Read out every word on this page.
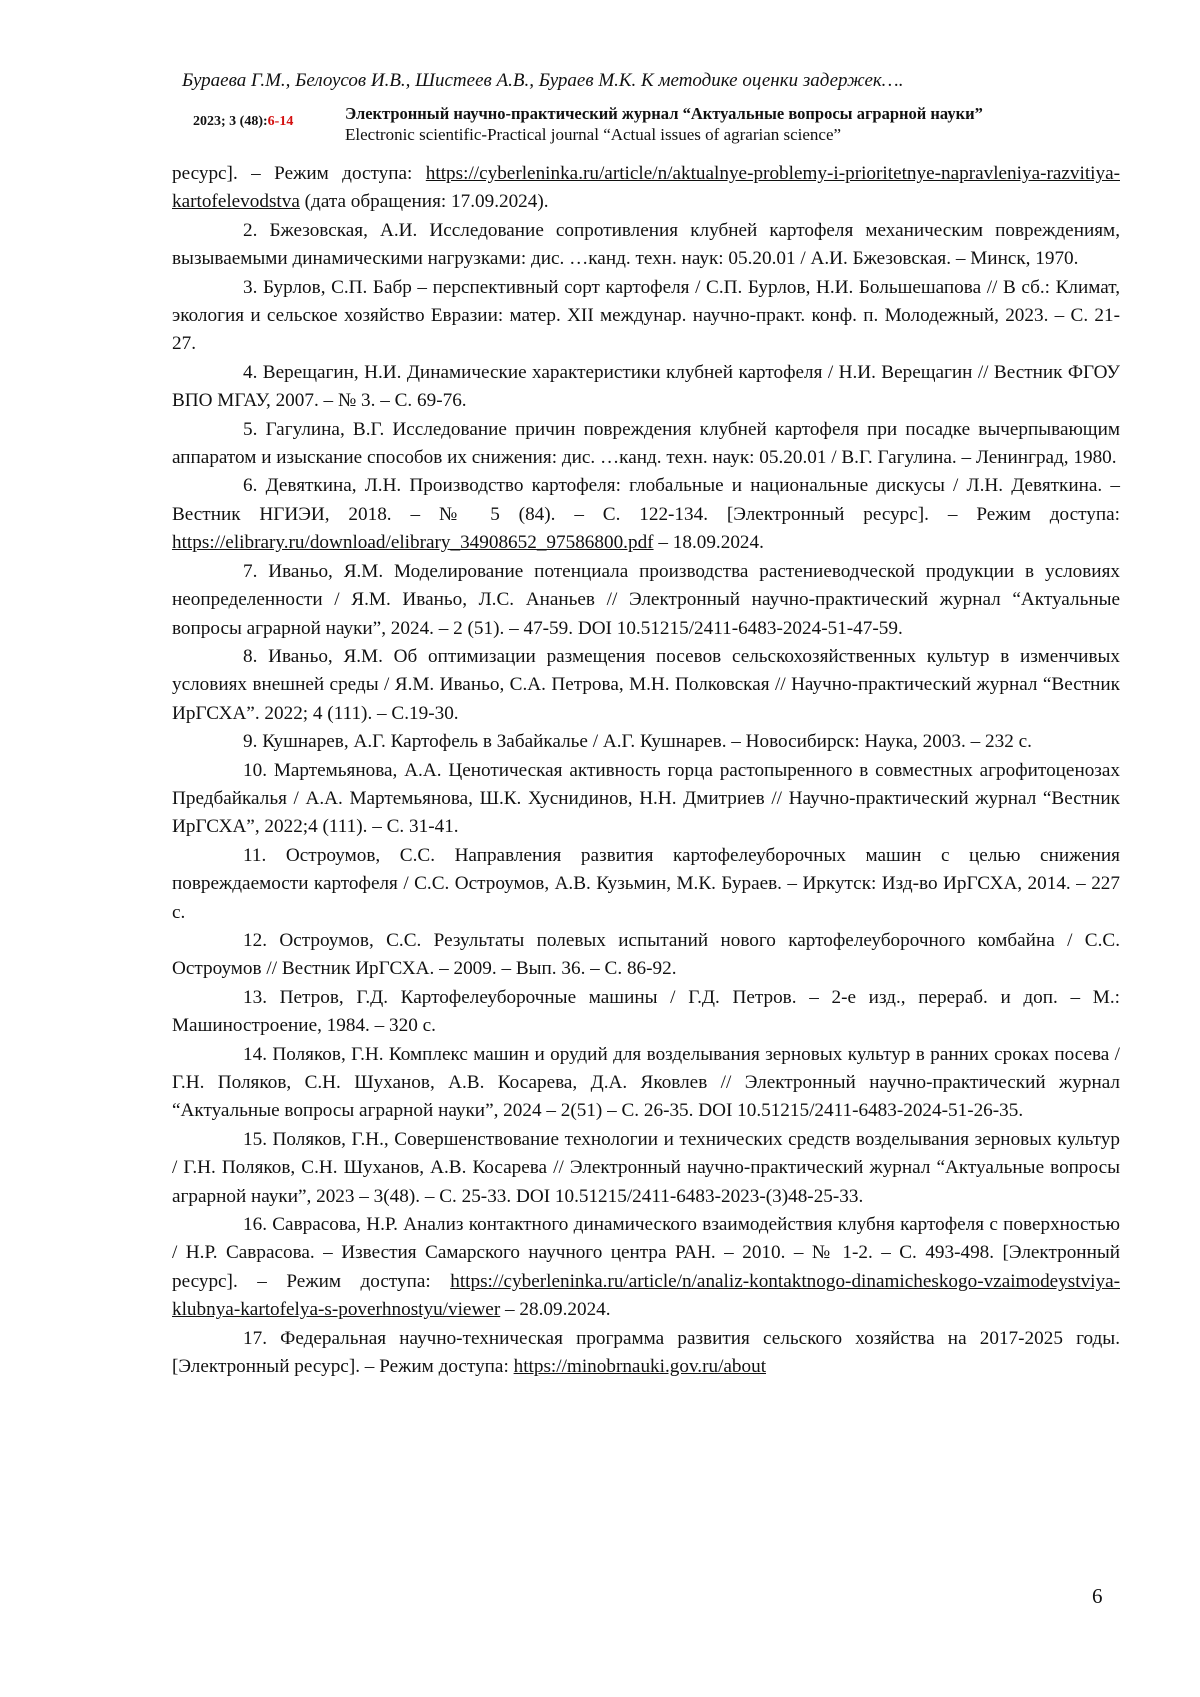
Бураева Г.М., Белоусов И.В., Шистеев А.В., Бураев М.К. К методике оценки задержек….
2023; 3 (48):6-14	Электронный научно-практический журнал “Актуальные вопросы аграрной науки”
Electronic scientific-Practical journal “Actual issues of agrarian science”

ресурс]. – Режим доступа: https://cyberleninka.ru/article/n/aktualnye-problemy-i-prioritetnye-napravleniya-razvitiya-kartofelevodstva (дата обращения: 17.09.2024).

2. Бжезовская, А.И. Исследование сопротивления клубней картофеля механическим повреждениям, вызываемыми динамическими нагрузками: дис. …канд. техн. наук: 05.20.01 / А.И. Бжезовская. – Минск, 1970.

3. Бурлов, С.П. Бабр – перспективный сорт картофеля / С.П. Бурлов, Н.И. Большешапова // В сб.: Климат, экология и сельское хозяйство Евразии: матер. XII междунар. научно-практ. конф. п. Молодежный, 2023. – С. 21-27.

4. Верещагин, Н.И. Динамические характеристики клубней картофеля / Н.И. Верещагин // Вестник ФГОУ ВПО МГАУ, 2007. – № 3. – С. 69-76.

5. Гагулина, В.Г. Исследование причин повреждения клубней картофеля при посадке вычерпывающим аппаратом и изыскание способов их снижения: дис. …канд. техн. наук: 05.20.01 / В.Г. Гагулина. – Ленинград, 1980.

6. Девяткина, Л.Н. Производство картофеля: глобальные и национальные дискусы / Л.Н. Девяткина. – Вестник НГИЭИ, 2018. – № 5 (84). – С. 122-134. [Электронный ресурс]. – Режим доступа: https://elibrary.ru/download/elibrary_34908652_97586800.pdf – 18.09.2024.

7. Иваньо, Я.М. Моделирование потенциала производства растениеводческой продукции в условиях неопределенности / Я.М. Иваньо, Л.С. Ананьев // Электронный научно-практический журнал “Актуальные вопросы аграрной науки”, 2024. – 2 (51). – 47-59. DOI 10.51215/2411-6483-2024-51-47-59.

8. Иваньо, Я.М. Об оптимизации размещения посевов сельскохозяйственных культур в изменчивых условиях внешней среды / Я.М. Иваньо, С.А. Петрова, М.Н. Полковская // Научно-практический журнал “Вестник ИрГСХА”. 2022; 4 (111). – С.19-30.

9. Кушнарев, А.Г. Картофель в Забайкалье / А.Г. Кушнарев. – Новосибирск: Наука, 2003. – 232 с.

10. Мартемьянова, А.А. Ценотическая активность горца растопыренного в совместных агрофитоценозах Предбайкалья / А.А. Мартемьянова, Ш.К. Хуснидинов, Н.Н. Дмитриев // Научно-практический журнал “Вестник ИрГСХА”, 2022;4 (111). – С. 31-41.

11. Остроумов, С.С. Направления развития картофелеуборочных машин с целью снижения повреждаемости картофеля / С.С. Остроумов, А.В. Кузьмин, М.К. Бураев. – Иркутск: Изд-во ИрГСХА, 2014. – 227 с.

12. Остроумов, С.С. Результаты полевых испытаний нового картофелеуборочного комбайна / С.С. Остроумов // Вестник ИрГСХА. – 2009. – Вып. 36. – С. 86-92.

13. Петров, Г.Д. Картофелеуборочные машины / Г.Д. Петров. – 2-е изд., перераб. и доп. – М.: Машиностроение, 1984. – 320 с.

14. Поляков, Г.Н. Комплекс машин и орудий для возделывания зерновых культур в ранних сроках посева / Г.Н. Поляков, С.Н. Шуханов, А.В. Косарева, Д.А. Яковлев // Электронный научно-практический журнал “Актуальные вопросы аграрной науки”, 2024 – 2(51) – С. 26-35. DOI 10.51215/2411-6483-2024-51-26-35.

15. Поляков, Г.Н., Совершенствование технологии и технических средств возделывания зерновых культур / Г.Н. Поляков, С.Н. Шуханов, А.В. Косарева // Электронный научно-практический журнал “Актуальные вопросы аграрной науки”, 2023 – 3(48). – С. 25-33. DOI 10.51215/2411-6483-2023-(3)48-25-33.

16. Саврасова, Н.Р. Анализ контактного динамического взаимодействия клубня картофеля с поверхностью / Н.Р. Саврасова. – Известия Самарского научного центра РАН. – 2010. – № 1-2. – С. 493-498. [Электронный ресурс]. – Режим доступа: https://cyberleninka.ru/article/n/analiz-kontaktnogo-dinamicheskogo-vzaimodeystviya-klubnya-kartofelya-s-poverhnostyu/viewer – 28.09.2024.

17. Федеральная научно-техническая программа развития сельского хозяйства на 2017-2025 годы. [Электронный ресурс]. – Режим доступа: https://minobrnauki.gov.ru/about

6
